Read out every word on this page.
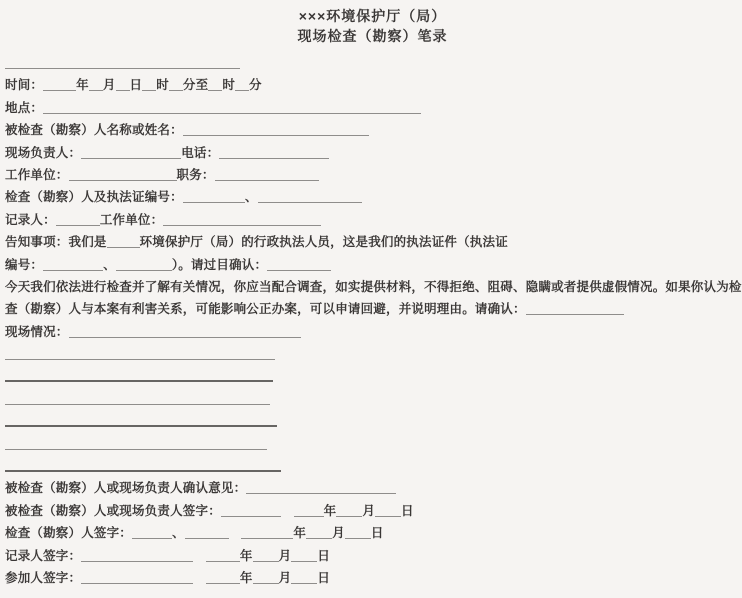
×××环境保护厅（局）
现场检查（勘察）笔录
时间：	年 月 日 时 分至 时 分
地点：
被检查（勘察）人名称或姓名：
现场负责人：	电话：
工作单位：	职务：
检查（勘察）人及执法证编号：	、
记录人：	工作单位：
告知事项：我们是	环境保护厅（局）的行政执法人员，这是我们的执法证件（执法证
编号：	、	）。请过目确认：
今天我们依法进行检查并了解有关情况，你应当配合调查，如实提供材料，不得拒绝、阻碍、隐瞒或者提供虚假情况。如果你认为检
查（勘察）人与本案有利害关系，可能影响公正办案，可以申请回避，并说明理由。请确认：
现场情况：
被检查（勘察）人或现场负责人确认意见：
被检查（勘察）人或现场负责人签字：　	年 月 日
检查（勘察）人签字：	、　	年 月 日
记录人签字：　	年 月 日
参加人签字：　	年 月 日
